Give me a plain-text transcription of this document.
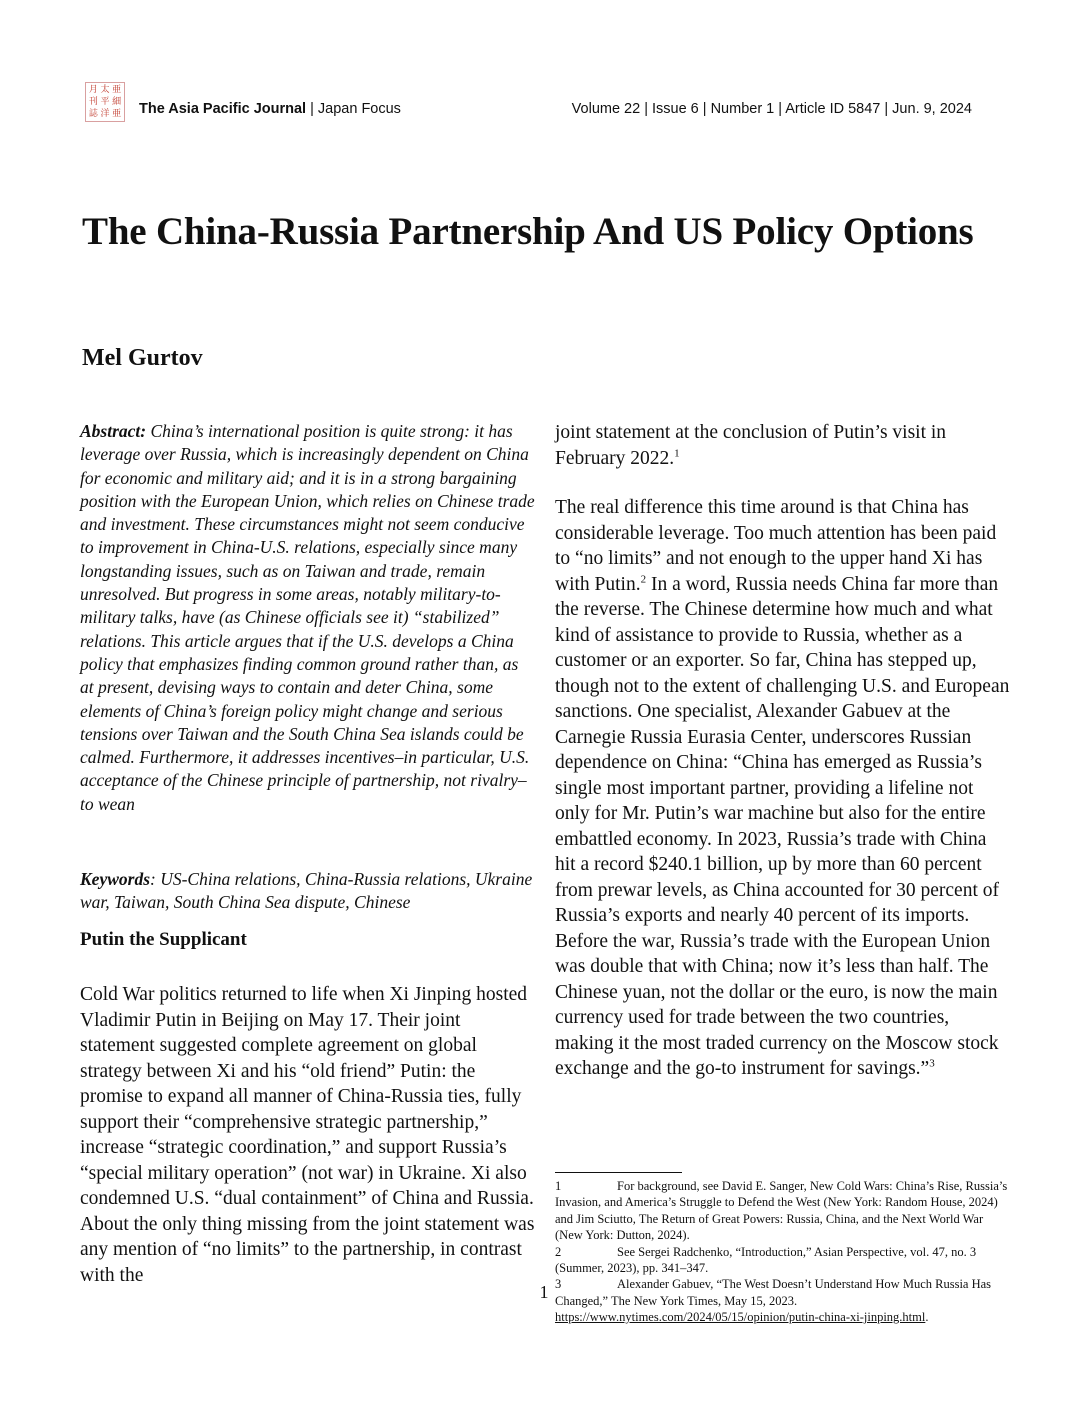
月 太 亜
刊 平 細
誌 洋 亜 The Asia Pacific Journal | Japan Focus	Volume 22 | Issue 6 | Number 1 | Article ID 5847 | Jun. 9, 2024
The China-Russia Partnership And US Policy Options
Mel Gurtov

Abstract: China’s international position is quite strong: it has leverage over Russia, which is increasingly dependent on China for economic and military aid; and it is in a strong bargaining position with the European Union, which relies on Chinese trade and investment. These circumstances might not seem conducive to improvement in China-U.S. relations, especially since many longstanding issues, such as on Taiwan and trade, remain unresolved. But progress in some areas, notably military-to-military talks, have (as Chinese officials see it) “stabilized” relations. This article argues that if the U.S. develops a China policy that emphasizes finding common ground rather than, as at present, devising ways to contain and deter China, some elements of China’s foreign policy might change and serious tensions over Taiwan and the South China Sea islands could be calmed. Furthermore, it addresses incentives–in particular, U.S. acceptance of the Chinese principle of partnership, not rivalry– to wean

Keywords: US-China relations, China-Russia relations, Ukraine war, Taiwan, South China Sea dispute, Chinese

Putin the Supplicant

Cold War politics returned to life when Xi Jinping hosted Vladimir Putin in Beijing on May 17. Their joint statement suggested complete agreement on global strategy between Xi and his “old friend” Putin: the promise to expand all manner of China-Russia ties, fully support their “comprehensive strategic partnership,” increase “strategic coordination,” and support Russia’s “special military operation” (not war) in Ukraine. Xi also condemned U.S. “dual containment” of China and Russia. About the only thing missing from the joint statement was any mention of “no limits” to the partnership, in contrast with the

joint statement at the conclusion of Putin’s visit in February 2022.$^1$

The real difference this time around is that China has considerable leverage. Too much attention has been paid to “no limits” and not enough to the upper hand Xi has with Putin.$^2$ In a word, Russia needs China far more than the reverse. The Chinese determine how much and what kind of assistance to provide to Russia, whether as a customer or an exporter. So far, China has stepped up, though not to the extent of challenging U.S. and European sanctions. One specialist, Alexander Gabuev at the Carnegie Russia Eurasia Center, underscores Russian dependence on China: “China has emerged as Russia’s single most important partner, providing a lifeline not only for Mr. Putin’s war machine but also for the entire embattled economy. In 2023, Russia’s trade with China hit a record $240.1 billion, up by more than 60 percent from prewar levels, as China accounted for 30 percent of Russia’s exports and nearly 40 percent of its imports. Before the war, Russia’s trade with the European Union was double that with China; now it’s less than half. The Chinese yuan, not the dollar or the euro, is now the main currency used for trade between the two countries, making it the most traded currency on the Moscow stock exchange and the go-to instrument for savings.”$^3$

1	For background, see David E. Sanger, New Cold Wars: China’s Rise, Russia’s Invasion, and America’s Struggle to Defend the West (New York: Random House, 2024) and Jim Sciutto, The Return of Great Powers: Russia, China, and the Next World War (New York: Dutton, 2024).

2	See Sergei Radchenko, “Introduction,” Asian Perspective, vol. 47, no. 3 (Summer, 2023), pp. 341–347.

3	Alexander Gabuev, “The West Doesn’t Understand How Much Russia Has Changed,” The New York Times, May 15, 2023. https://www.nytimes.com/2024/05/15/opinion/putin-china-xi-jinping.html.

1
